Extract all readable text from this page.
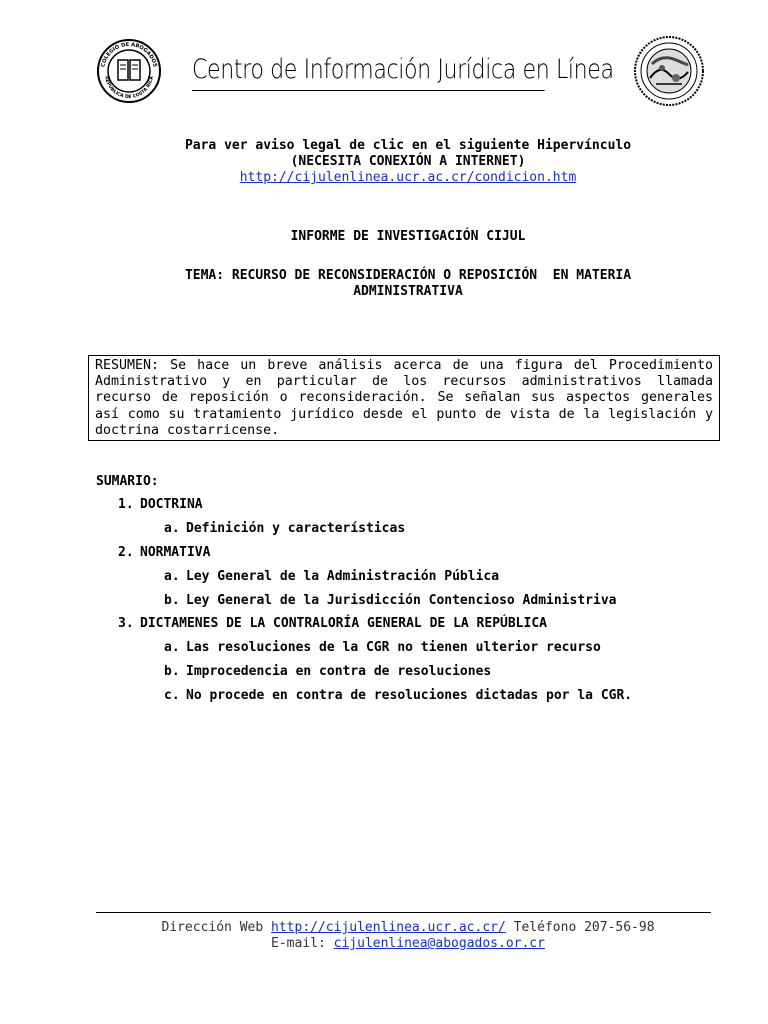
COLEGIO DE ABOGADOS
REPUBLICA DE COSTA RICA Centro de Información Jurídica en Línea
Para ver aviso legal de clic en el siguiente Hipervínculo
(NECESITA CONEXIÓN A INTERNET)
http://cijulenlinea.ucr.ac.cr/condicion.htm
INFORME DE INVESTIGACIÓN CIJUL
TEMA: RECURSO DE RECONSIDERACIÓN O REPOSICIÓN  EN MATERIA
ADMINISTRATIVA
RESUMEN: Se hace un breve análisis acerca de una figura del Procedimiento Administrativo y en particular de los recursos administrativos llamada recurso de reposición o reconsideración. Se señalan sus aspectos generales así como su tratamiento jurídico desde el punto de vista de la legislación y doctrina costarricense.
SUMARIO:
1. DOCTRINA
a. Definición y características
2. NORMATIVA
a. Ley General de la Administración Pública
b. Ley General de la Jurisdicción Contencioso Administriva
3. DICTAMENES DE LA CONTRALORÍA GENERAL DE LA REPÚBLICA
a. Las resoluciones de la CGR no tienen ulterior recurso
b. Improcedencia en contra de resoluciones
c. No procede en contra de resoluciones dictadas por la CGR.
Dirección Web http://cijulenlinea.ucr.ac.cr/ Teléfono 207-56-98
E-mail: cijulenlinea@abogados.or.cr
